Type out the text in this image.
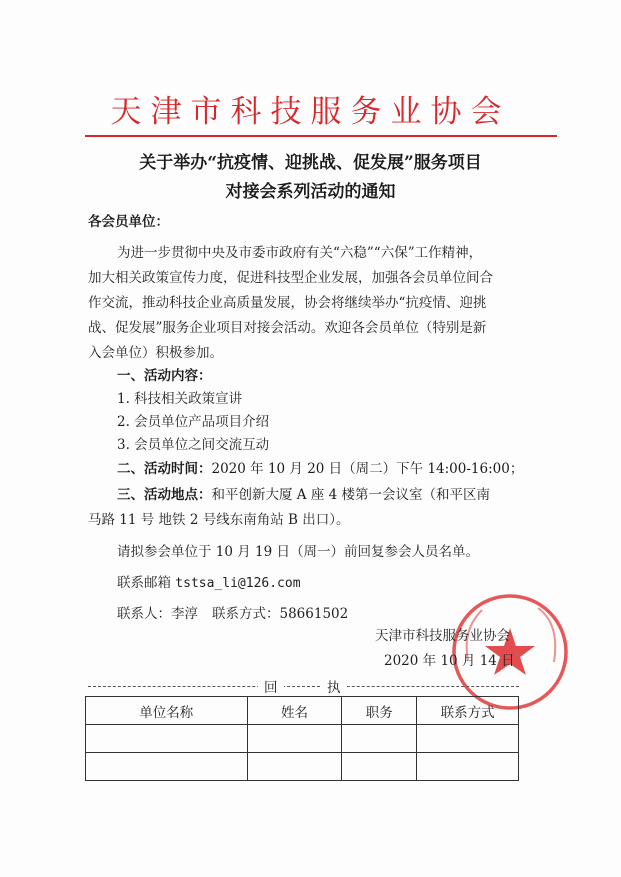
天津市科技服务业协会
关于举办“抗疫情、迎挑战、促发展”服务项目
对接会系列活动的通知
各会员单位：
为进一步贯彻中央及市委市政府有关“六稳”“六保”工作精神，
加大相关政策宣传力度，促进科技型企业发展，加强各会员单位间合
作交流，推动科技企业高质量发展，协会将继续举办“抗疫情、迎挑
战、促发展”服务企业项目对接会活动。欢迎各会员单位（特别是新
入会单位）积极参加。
一、活动内容：
1. 科技相关政策宣讲
2. 会员单位产品项目介绍
3. 会员单位之间交流互动
二、活动时间：2020 年 10 月 20 日（周二）下午 14:00-16:00；
三、活动地点：和平创新大厦 A 座 4 楼第一会议室（和平区南
马路 11 号 地铁 2 号线东南角站 B 出口）。
请拟参会单位于 10 月 19 日（周一）前回复参会人员名单。
联系邮箱 tstsa_li@126.com
联系人：李淳 联系方式：58661502
天津市科技服务业协会
2020 年 10 月 14 日
回	执
单位名称	姓名	职务	联系方式
